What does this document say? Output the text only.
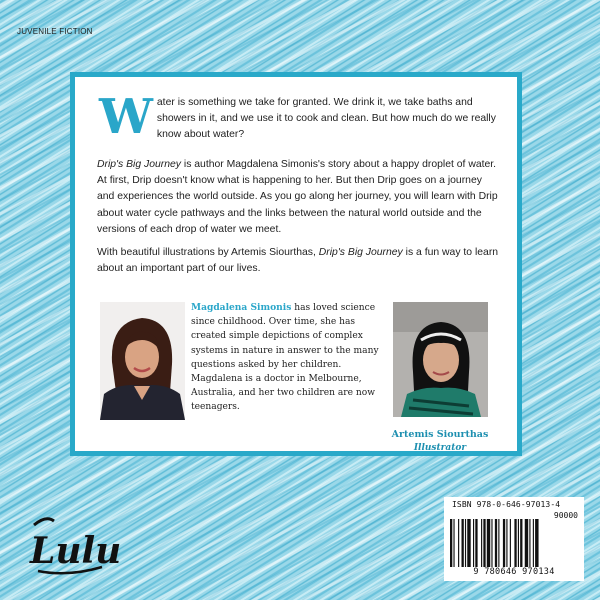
JUVENILE FICTION
W ater is something we take for granted. We drink it, we take baths and showers in it, and we use it to cook and clean. But how much do we really know about water?

Drip's Big Journey is author Magdalena Simonis's story about a happy droplet of water. At first, Drip doesn't know what is happening to her. But then Drip goes on a journey and experiences the world outside. As you go along her journey, you will learn with Drip about water cycle pathways and the links between the natural world outside and the versions of each drop of water we meet.

With beautiful illustrations by Artemis Siourthas, Drip's Big Journey is a fun way to learn about an important part of our lives.

Magdalena Simonis has loved science since childhood. Over time, she has created simple depictions of complex systems in nature in answer to the many questions asked by her children. Magdalena is a doctor in Melbourne, Australia, and her two children are now teenagers.
Artemis Siourthas
Illustrator
Lulu
ISBN 978-0-646-97013-4
90000
9 780646 970134
